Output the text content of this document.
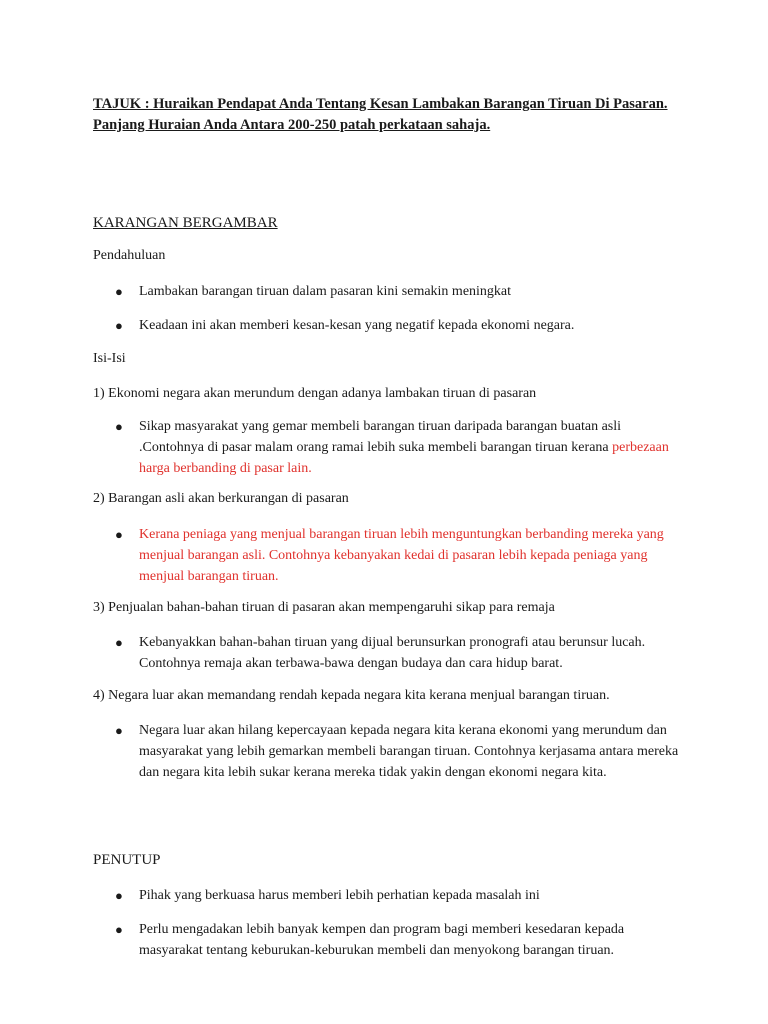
TAJUK : Huraikan Pendapat Anda Tentang Kesan Lambakan Barangan Tiruan Di Pasaran. Panjang Huraian Anda Antara 200-250 patah perkataan sahaja.

KARANGAN BERGAMBAR

Pendahuluan

●	Lambakan barangan tiruan dalam pasaran kini semakin meningkat
●	Keadaan ini akan memberi kesan-kesan yang negatif kepada ekonomi negara.

Isi-Isi

1) Ekonomi negara akan merundum dengan adanya lambakan tiruan di pasaran

●	Sikap masyarakat yang gemar membeli barangan tiruan daripada barangan buatan asli .Contohnya di pasar malam orang ramai lebih suka membeli barangan tiruan kerana perbezaan harga berbanding di pasar lain.

2) Barangan asli akan berkurangan di pasaran

●	Kerana peniaga yang menjual barangan tiruan lebih menguntungkan berbanding mereka yang menjual barangan asli. Contohnya kebanyakan kedai di pasaran lebih kepada peniaga yang menjual barangan tiruan.

3) Penjualan bahan-bahan tiruan di pasaran akan mempengaruhi sikap para remaja

●	Kebanyakkan bahan-bahan tiruan yang dijual berunsurkan pronografi atau berunsur lucah. Contohnya remaja akan terbawa-bawa dengan budaya dan cara hidup barat.

4) Negara luar akan memandang rendah kepada negara kita kerana menjual barangan tiruan.

●	Negara luar akan hilang kepercayaan kepada negara kita kerana ekonomi yang merundum dan masyarakat yang lebih gemarkan membeli barangan tiruan. Contohnya kerjasama antara mereka dan negara kita lebih sukar kerana mereka tidak yakin dengan ekonomi negara kita.

PENUTUP

●	Pihak yang berkuasa harus memberi lebih perhatian kepada masalah ini
●	Perlu mengadakan lebih banyak kempen dan program bagi memberi kesedaran kepada masyarakat tentang keburukan-keburukan membeli dan menyokong barangan tiruan.
